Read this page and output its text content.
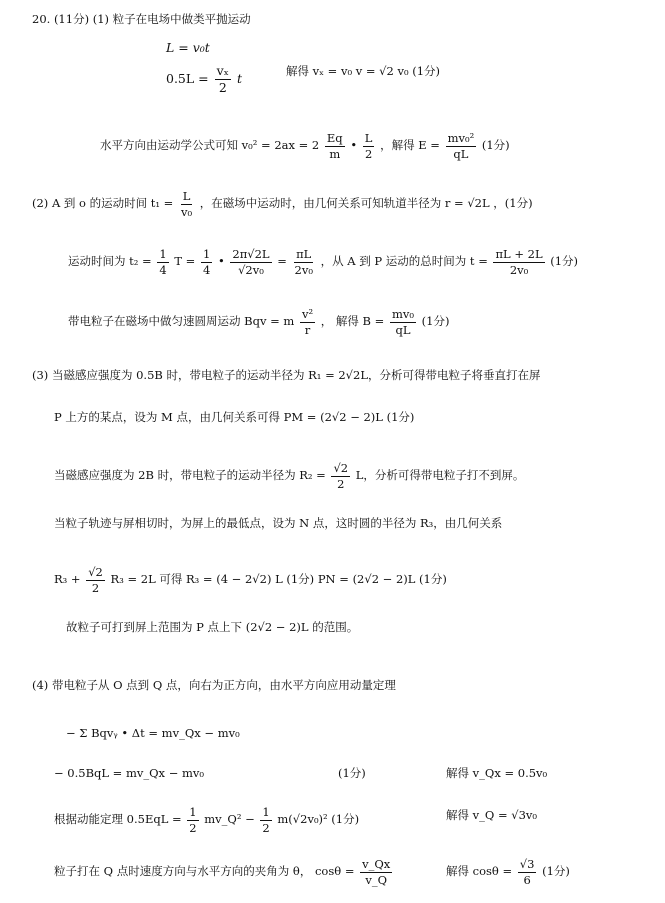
20. (11分) (1) 粒子在电场中做类平抛运动
L = v₀t
$0.5L = \frac{\text{vₓ}}{2}$ t	解得 vₓ = v₀ v = √2 v₀ (1分)
水平方向由运动学公式可知 $v_0^2 = 2ax = 2 \frac{Eq}{m}$ • $\frac{L}{2}$ ，解得 $E = \frac{\text{mv₀²}}{qL} (1$分)
(2) A 到 o 的运动时间 $t_1 = \frac{L}{\text{v₀}}$ ，在磁场中运动时，由几何关系可知轨道半径为 r = √2L ，(1分)
运动时间为 $t_2 = \frac{1}{4}$ $T = \frac{1}{4}$ • $\frac{2\pi√2L}{\text{√2v₀}} = \frac{\pi L}{\text{2v₀}}$ ，从 A 到 P 运动的总时间为 $t = \frac{\pi L + 2L}{\text{2v₀}} (1$分)
带电粒子在磁场中做匀速圆周运动 Bqv = m $\frac{\text{v²}}{r}$ ， 解得 $B = \frac{\text{mv₀}}{qL} (1$分)
(3) 当磁感应强度为 0.5B 时，带电粒子的运动半径为 R₁ = 2√2L，分析可得带电粒子将垂直打在屏
P 上方的某点，设为 M 点，由几何关系可得 PM = (2√2 − 2)L (1分)
当磁感应强度为 2B 时，带电粒子的运动半径为 $R_2 = \frac{√2}{2}$ L，分析可得带电粒子打不到屏。
当粒子轨迹与屏相切时，为屏上的最低点，设为 N 点，这时圆的半径为 R₃，由几何关系
$R_3 + \frac{√2}{2} R_3 = 2L$ 可得 R₃ = (4 − 2√2) L (1分) PN = (2√2 − 2)L (1分)
故粒子可打到屏上范围为 P 点上下 (2√2 − 2)L 的范围。
(4) 带电粒子从 O 点到 Q 点，向右为正方向，由水平方向应用动量定理
− Σ Bqvᵧ • Δt = mv_Qx − mv₀
− 0.5BqL = mv_Qx − mv₀	(1分)	解得 v_Qx = 0.5v₀
根据动能定理 $0.5EqL = \frac{1}{2}$ mv_Q² − $\frac{1}{2} m(√2v_0)^2$ (1分)	解得 v_Q = √3v₀
粒子打在 Q 点时速度方向与水平方向的夹角为 θ， $\cos\theta = \frac{v\_Qx}{v\_Q}$	解得 $\cos\theta = \frac{√3}{6} (1$分)
